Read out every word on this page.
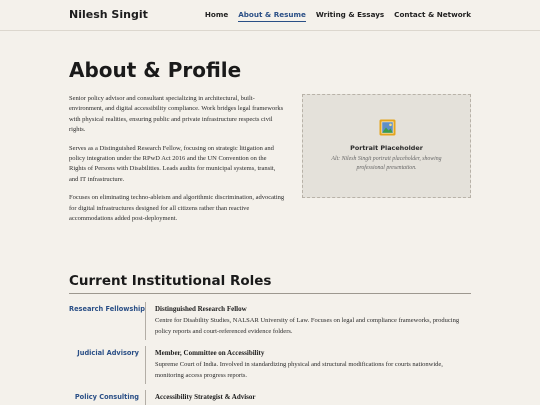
Nilesh Singit	Home About & Resume Writing & Essays Contact & Network
About & Profile

Senior policy advisor and consultant specializing in architectural, built-environment, and digital accessibility compliance. Work bridges legal frameworks with physical realities, ensuring public and private infrastructure respects civil rights.

Serves as a Distinguished Research Fellow, focusing on strategic litigation and policy integration under the RPwD Act 2016 and the UN Convention on the Rights of Persons with Disabilities. Leads audits for municipal systems, transit, and IT infrastructure.

Focuses on eliminating techno-ableism and algorithmic discrimination, advocating for digital infrastructures designed for all citizens rather than reactive accommodations added post-deployment.

Portrait Placeholder
Alt: Nilesh Singit portrait placeholder, showing professional presentation.
Current Institutional Roles
Research Fellowship Distinguished Research Fellow
Centre for Disability Studies, NALSAR University of Law. Focuses on legal and compliance frameworks, producing policy reports and court-referenced evidence folders.
Judicial Advisory Member, Committee on Accessibility
Supreme Court of India. Involved in standardizing physical and structural modifications for courts nationwide, monitoring access progress reports.
Policy Consulting Accessibility Strategist & Advisor
